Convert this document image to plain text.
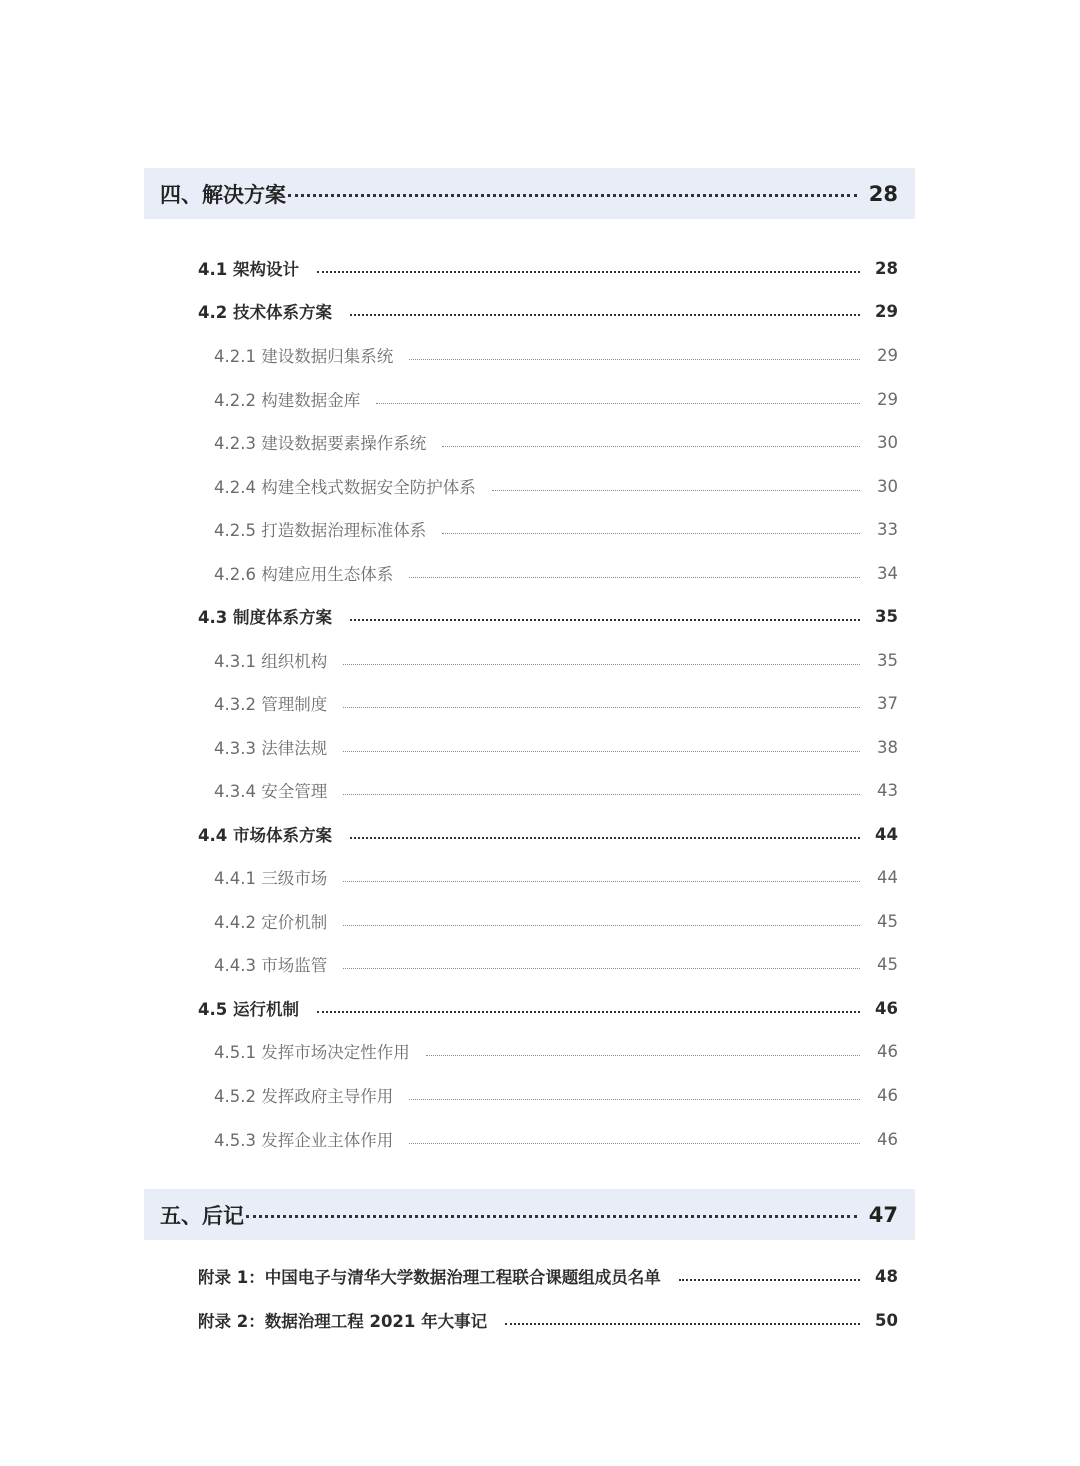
四、解决方案	28
4.1 架构设计	28
4.2 技术体系方案	29
4.2.1 建设数据归集系统	29
4.2.2 构建数据金库	29
4.2.3 建设数据要素操作系统	30
4.2.4 构建全栈式数据安全防护体系	30
4.2.5 打造数据治理标准体系	33
4.2.6 构建应用生态体系	34
4.3 制度体系方案	35
4.3.1 组织机构	35
4.3.2 管理制度	37
4.3.3 法律法规	38
4.3.4 安全管理	43
4.4 市场体系方案	44
4.4.1 三级市场	44
4.4.2 定价机制	45
4.4.3 市场监管	45
4.5 运行机制	46
4.5.1 发挥市场决定性作用	46
4.5.2 发挥政府主导作用	46
4.5.3 发挥企业主体作用	46
五、后记	47
附录 1：中国电子与清华大学数据治理工程联合课题组成员名单	48
附录 2：数据治理工程 2021 年大事记	50
